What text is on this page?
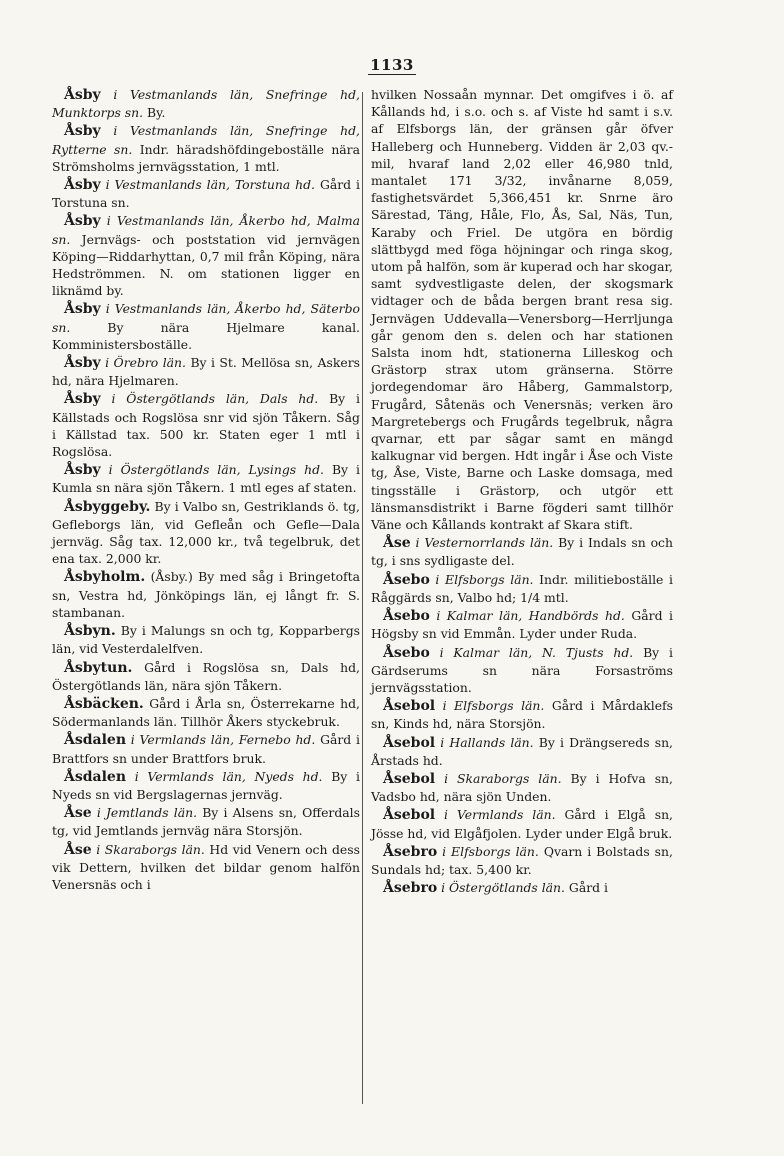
1133
Åsby i Vestmanlands län, Snefringe hd, Munktorps sn. By.
Åsby i Vestmanlands län, Snefringe hd, Rytterne sn. Indr. häradshöfdingeboställe nära Strömsholms jernvägsstation, 1 mtl.
Åsby i Vestmanlands län, Torstuna hd. Gård i Torstuna sn.
Åsby i Vestmanlands län, Åkerbo hd, Malma sn. Jernvägs- och poststation vid jernvägen Köping—Riddarhyttan, 0,7 mil från Köping, nära Hedströmmen. N. om stationen ligger en liknämd by.
Åsby i Vestmanlands län, Åkerbo hd, Säterbo sn.	By nära Hjelmare kanal. Komministersboställe.
Åsby i Örebro län. By i St. Mellösa sn, Askers hd, nära Hjelmaren.
Åsby i Östergötlands län, Dals hd. By i Källstads och Rogslösa snr vid sjön Tåkern. Såg i Källstad tax. 500 kr. Staten eger 1 mtl i Rogslösa.
Åsby i Östergötlands län, Lysings hd. By i Kumla sn nära sjön Tåkern. 1 mtl eges af staten.
Åsbyggeby. By i Valbo sn, Gestriklands ö. tg, Gefleborgs län, vid Gefleån och Gefle—Dala jernväg. Såg tax. 12,000 kr., två tegelbruk, det ena tax. 2,000 kr.
Åsbyholm. (Åsby.) By med såg i Bringetofta sn, Vestra hd, Jönköpings län, ej långt fr. S. stambanan.
Åsbyn. By i Malungs sn och tg, Kopparbergs län, vid Vesterdalelfven.
Åsbytun. Gård i Rogslösa sn, Dals hd, Östergötlands län, nära sjön Tåkern.
Åsbäcken. Gård i Årla sn, Österrekarne hd, Södermanlands län. Tillhör Åkers styckebruk.
Åsdalen i Vermlands län, Fernebo hd. Gård i Brattfors sn under Brattfors bruk.
Åsdalen i Vermlands län, Nyeds hd. By i Nyeds sn vid Bergslagernas jernväg.
Åse i Jemtlands län. By i Alsens sn, Offerdals tg, vid Jemtlands jernväg nära Storsjön.
Åse i Skaraborgs län. Hd vid Venern och dess vik Dettern, hvilken det bildar genom halfön Venersnäs och i
hvilken Nossaån mynnar. Det omgifves i ö. af Kållands hd, i s.o. och s. af Viste hd samt i s.v. af Elfsborgs län, der gränsen går öfver Halleberg och Hunneberg. Vidden är 2,03 qv.-mil, hvaraf land 2,02 eller 46,980 tnld, mantalet 171 3/32, invånarne 8,059, fastighetsvärdet 5,366,451 kr. Snrne äro Särestad, Täng, Håle, Flo, Ås, Sal, Näs, Tun, Karaby och Friel. De utgöra en bördig slättbygd med föga höjningar och ringa skog, utom på halfön, som är kuperad och har skogar, samt sydvestligaste delen, der skogsmark vidtager och de båda bergen brant resa sig. Jernvägen Uddevalla—Venersborg—Herrljunga går genom den s. delen och har stationen Salsta inom hdt, stationerna Lilleskog och Grästorp strax utom gränserna. Större jordegendomar äro Håberg, Gammalstorp, Frugård, Såtenäs och Venersnäs; verken äro Margretebergs och Frugårds tegelbruk, några qvarnar, ett par sågar samt en mängd kalkugnar vid bergen. Hdt ingår i Åse och Viste tg, Åse, Viste, Barne och Laske domsaga, med tingsställe i Grästorp, och utgör ett länsmansdistrikt i Barne fögderi samt tillhör Väne och Kållands kontrakt af Skara stift.
Åse i Vesternorrlands län. By i Indals sn och tg, i sns sydligaste del.
Åsebo i Elfsborgs län. Indr. militieboställe i Råggärds sn, Valbo hd; 1/4 mtl.
Åsebo i Kalmar län, Handbörds hd. Gård i Högsby sn vid Emmån. Lyder under Ruda.
Åsebo i Kalmar län, N. Tjusts hd. By i Gärdserums sn nära Forsaströms jernvägsstation.
Åsebol i Elfsborgs län. Gård i Mårdaklefs sn, Kinds hd, nära Storsjön.
Åsebol i Hallands län. By i Drängsereds sn, Årstads hd.
Åsebol i Skaraborgs län. By i Hofva sn, Vadsbo hd, nära sjön Unden.
Åsebol i Vermlands län. Gård i Elgå sn, Jösse hd, vid Elgåfjolen. Lyder under Elgå bruk.
Åsebro i Elfsborgs län. Qvarn i Bolstads sn, Sundals hd; tax. 5,400 kr.
Åsebro i Östergötlands län. Gård i
